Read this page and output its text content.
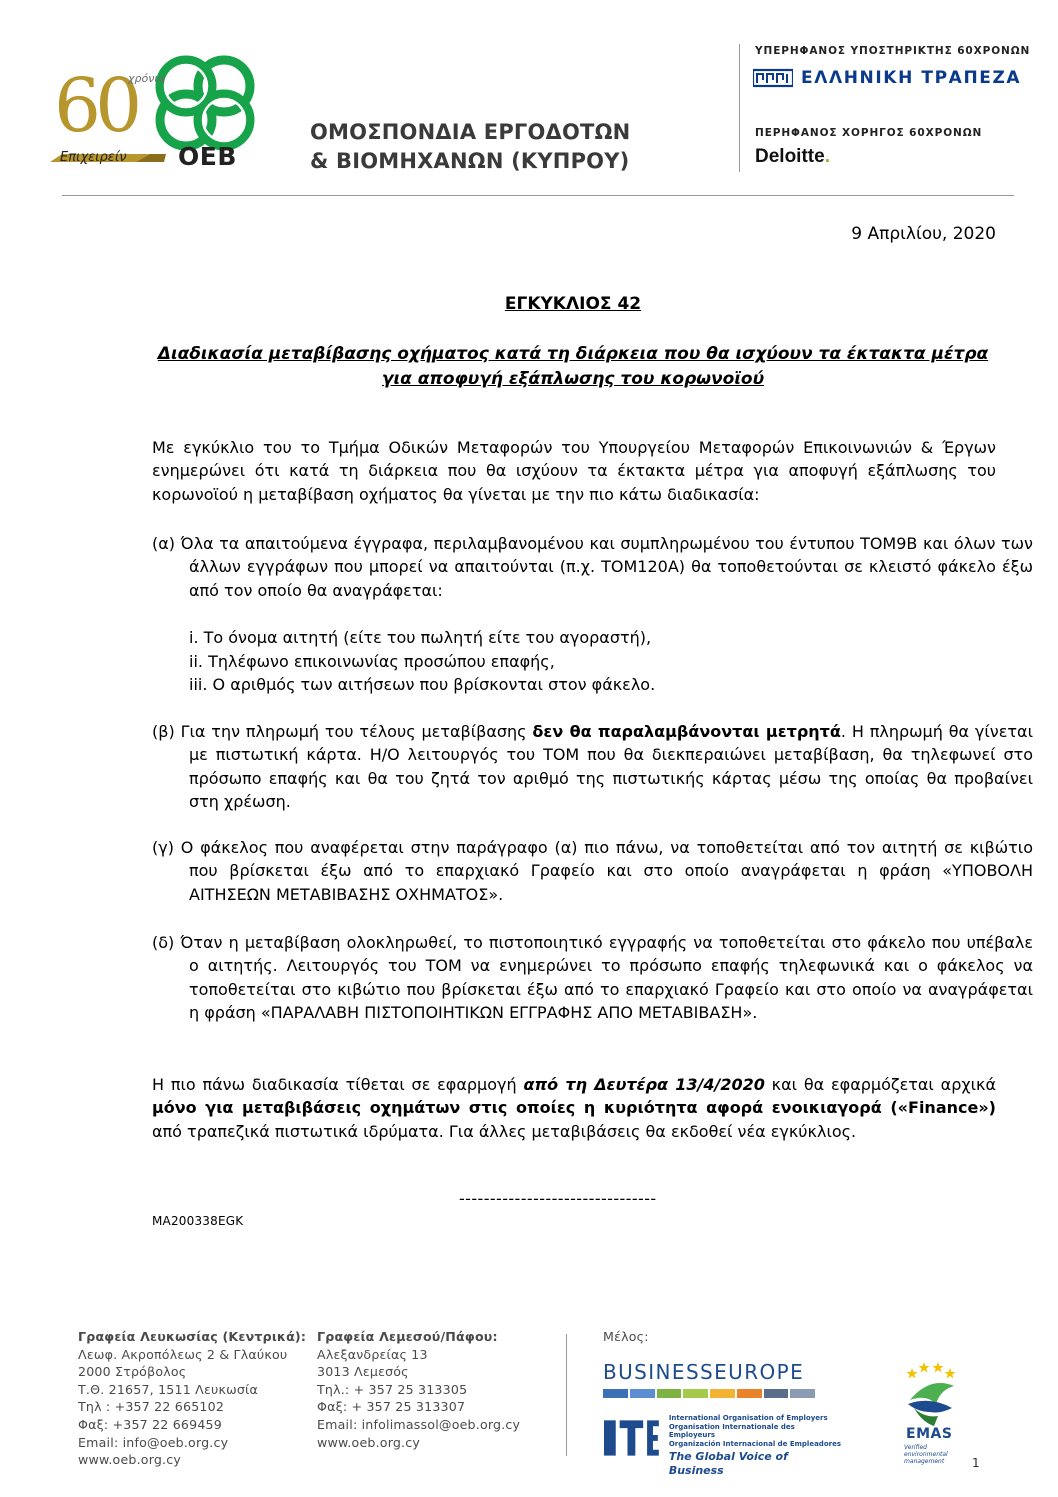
60
χρόνια
Επιχειρείν OEB
ΟΜΟΣΠΟΝΔΙΑ ΕΡΓΟΔΟΤΩΝ
& ΒΙΟΜΗΧΑΝΩΝ (ΚΥΠΡΟΥ)
ΥΠΕΡΗΦΑΝΟΣ ΥΠΟΣΤΗΡΙΚΤΗΣ 60ΧΡΟΝΩΝ
ΕΛΛΗΝΙΚΗ ΤΡΑΠΕΖΑ
ΠΕΡΗΦΑΝΟΣ ΧΟΡΗΓΟΣ 60ΧΡΟΝΩΝ
Deloitte.
9 Απριλίου, 2020
ΕΓΚΥΚΛΙΟΣ 42
Διαδικασία μεταβίβασης οχήματος κατά τη διάρκεια που θα ισχύουν τα έκτακτα μέτρα
για αποφυγή εξάπλωσης του κορωνοϊού
Με εγκύκλιο του το Τμήμα Οδικών Μεταφορών του Υπουργείου Μεταφορών Επικοινωνιών & Έργων ενημερώνει ότι κατά τη διάρκεια που θα ισχύουν τα έκτακτα μέτρα για αποφυγή εξάπλωσης του κορωνοϊού η μεταβίβαση οχήματος θα γίνεται με την πιο κάτω διαδικασία:
(α) Όλα τα απαιτούμενα έγγραφα, περιλαμβανομένου και συμπληρωμένου του έντυπου ΤΟΜ9Β και όλων των άλλων εγγράφων που μπορεί να απαιτούνται (π.χ. ΤΟΜ120Α) θα τοποθετούνται σε κλειστό φάκελο έξω από τον οποίο θα αναγράφεται:
i. Το όνομα αιτητή (είτε του πωλητή είτε του αγοραστή),
ii. Τηλέφωνο επικοινωνίας προσώπου επαφής,
iii. Ο αριθμός των αιτήσεων που βρίσκονται στον φάκελο.
(β) Για την πληρωμή του τέλους μεταβίβασης δεν θα παραλαμβάνονται μετρητά. Η πληρωμή θα γίνεται με πιστωτική κάρτα. Η/Ο λειτουργός του ΤΟΜ που θα διεκπεραιώνει μεταβίβαση, θα τηλεφωνεί στο πρόσωπο επαφής και θα του ζητά τον αριθμό της πιστωτικής κάρτας μέσω της οποίας θα προβαίνει στη χρέωση.
(γ) Ο φάκελος που αναφέρεται στην παράγραφο (α) πιο πάνω, να τοποθετείται από τον αιτητή σε κιβώτιο που βρίσκεται έξω από το επαρχιακό Γραφείο και στο οποίο αναγράφεται η φράση «ΥΠΟΒΟΛΗ ΑΙΤΗΣΕΩΝ ΜΕΤΑΒΙΒΑΣΗΣ ΟΧΗΜΑΤΟΣ».
(δ) Όταν η μεταβίβαση ολοκληρωθεί, το πιστοποιητικό εγγραφής να τοποθετείται στο φάκελο που υπέβαλε ο αιτητής. Λειτουργός του ΤΟΜ να ενημερώνει το πρόσωπο επαφής τηλεφωνικά και ο φάκελος να τοποθετείται στο κιβώτιο που βρίσκεται έξω από το επαρχιακό Γραφείο και στο οποίο να αναγράφεται η φράση «ΠΑΡΑΛΑΒΗ ΠΙΣΤΟΠΟΙΗΤΙΚΩΝ ΕΓΓΡΑΦΗΣ ΑΠΟ ΜΕΤΑΒΙΒΑΣΗ».
Η πιο πάνω διαδικασία τίθεται σε εφαρμογή από τη Δευτέρα 13/4/2020 και θα εφαρμόζεται αρχικά μόνο για μεταβιβάσεις οχημάτων στις οποίες η κυριότητα αφορά ενοικιαγορά («Finance») από τραπεζικά πιστωτικά ιδρύματα. Για άλλες μεταβιβάσεις θα εκδοθεί νέα εγκύκλιος.
--------------------------------
MA200338EGK
Γραφεία Λευκωσίας (Κεντρικά):
Λεωφ. Ακροπόλεως 2 & Γλαύκου
2000 Στρόβολος
Τ.Θ. 21657, 1511 Λευκωσία
Τηλ : +357 22 665102
Φαξ: +357 22 669459
Email: info@oeb.org.cy
www.oeb.org.cy
Γραφεία Λεμεσού/Πάφου:
Αλεξανδρείας 13
3013 Λεμεσός
Τηλ.: + 357 25 313305
Φαξ: + 357 25 313307
Email: infolimassol@oeb.org.cy
www.oeb.org.cy
Μέλος:
BUSINESSEUROPE
International Organisation of Employers
Organisation Internationale des Employeurs
Organización Internacional de Empleadores
The Global Voice of Business
EMAS
Verified
environmental
management 1
